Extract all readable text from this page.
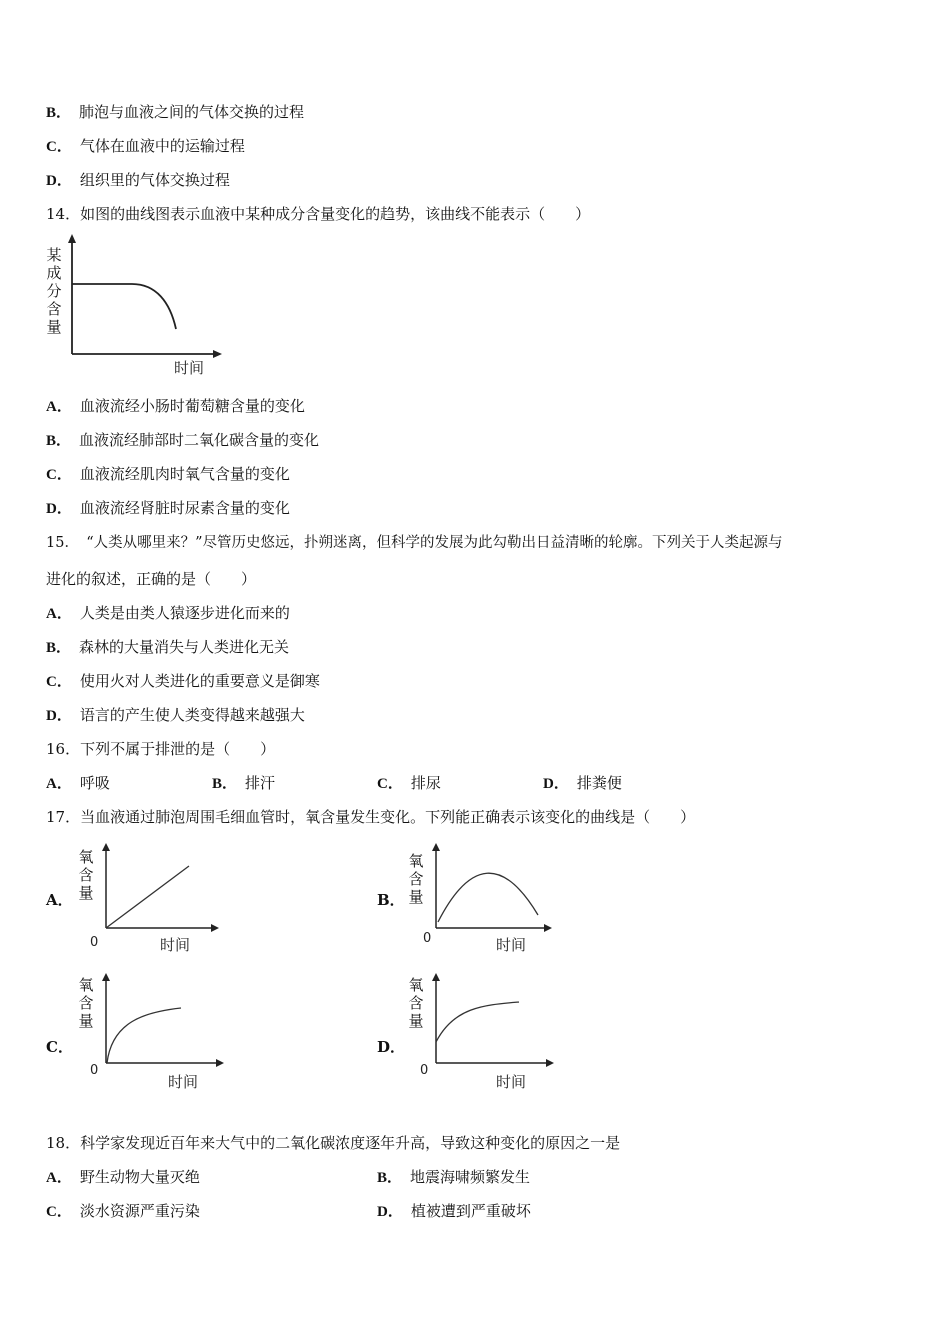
B． 肺泡与血液之间的气体交换的过程
C． 气体在血液中的运输过程
D． 组织里的气体交换过程
14．如图的曲线图表示血液中某种成分含量变化的趋势，该曲线不能表示（　　）
某
成
分
含
量
时间
A． 血液流经小肠时葡萄糖含量的变化
B． 血液流经肺部时二氧化碳含量的变化
C． 血液流经肌肉时氧气含量的变化
D． 血液流经肾脏时尿素含量的变化
15．　“人类从哪里来？”尽管历史悠远，扑朔迷离，但科学的发展为此勾勒出日益清晰的轮廓。下列关于人类起源与
进化的叙述，正确的是（　　）
A． 人类是由类人猿逐步进化而来的
B． 森林的大量消失与人类进化无关
C． 使用火对人类进化的重要意义是御寒
D． 语言的产生使人类变得越来越强大
16．下列不属于排泄的是（　　）
A． 呼吸	B． 排汗	C． 排尿	D． 排粪便
17．当血液通过肺泡周围毛细血管时，氧含量发生变化。下列能正确表示该变化的曲线是（　　）
A．
氧
含
量
0	时间
B．
氧
含
量
0	时间
C．
氧
含
量
0
时间
D．
氧
含
量
0
时间
18．科学家发现近百年来大气中的二氧化碳浓度逐年升高，导致这种变化的原因之一是
A． 野生动物大量灭绝	B． 地震海啸频繁发生
C． 淡水资源严重污染	D． 植被遭到严重破坏
